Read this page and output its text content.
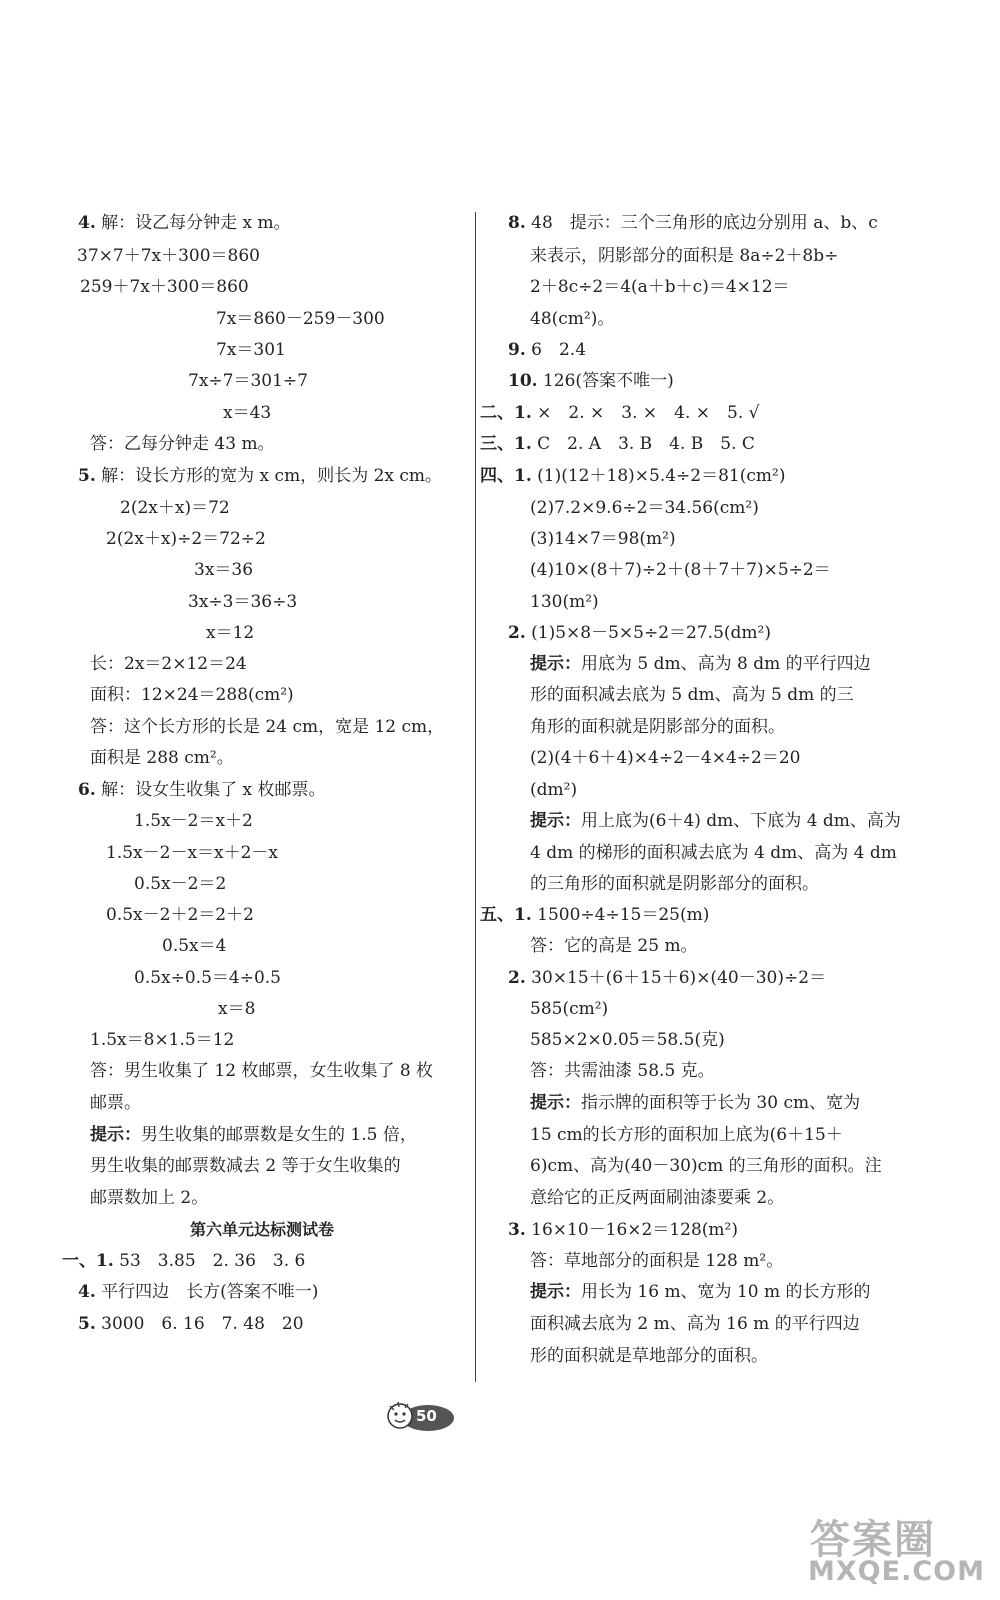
4. 解：设乙每分钟走 x m。
37×7＋7x＋300＝860
259＋7x＋300＝860
7x＝860－259－300
7x＝301
7x÷7＝301÷7
x＝43
答：乙每分钟走 43 m。
5. 解：设长方形的宽为 x cm，则长为 2x cm。
2(2x＋x)＝72
2(2x＋x)÷2＝72÷2
3x＝36
3x÷3＝36÷3
x＝12
长：2x＝2×12＝24
面积：12×24＝288(cm²)
答：这个长方形的长是 24 cm，宽是 12 cm，
面积是 288 cm²。
6. 解：设女生收集了 x 枚邮票。
1.5x－2＝x＋2
1.5x－2－x＝x＋2－x
0.5x－2＝2
0.5x－2＋2＝2＋2
0.5x＝4
0.5x÷0.5＝4÷0.5
x＝8
1.5x＝8×1.5＝12
答：男生收集了 12 枚邮票，女生收集了 8 枚
邮票。
提示：男生收集的邮票数是女生的 1.5 倍，
男生收集的邮票数减去 2 等于女生收集的
邮票数加上 2。
第六单元达标测试卷
一、1. 53　3.85　2. 36　3. 6
4. 平行四边　长方(答案不唯一)
5. 3000　6. 16　7. 48　20
8. 48　提示：三个三角形的底边分别用 a、b、c
来表示，阴影部分的面积是 8a÷2＋8b÷
2＋8c÷2＝4(a＋b＋c)＝4×12＝
48(cm²)。
9. 6　2.4
10. 126(答案不唯一)
二、1. ×　2. ×　3. ×　4. ×　5. √
三、1. C　2. A　3. B　4. B　5. C
四、1. (1)(12＋18)×5.4÷2＝81(cm²)
(2)7.2×9.6÷2＝34.56(cm²)
(3)14×7＝98(m²)
(4)10×(8＋7)÷2＋(8＋7＋7)×5÷2＝
130(m²)
2. (1)5×8－5×5÷2＝27.5(dm²)
提示：用底为 5 dm、高为 8 dm 的平行四边
形的面积减去底为 5 dm、高为 5 dm 的三
角形的面积就是阴影部分的面积。
(2)(4＋6＋4)×4÷2－4×4÷2＝20
(dm²)
提示：用上底为(6＋4) dm、下底为 4 dm、高为
4 dm 的梯形的面积减去底为 4 dm、高为 4 dm
的三角形的面积就是阴影部分的面积。
五、1. 1500÷4÷15＝25(m)
答：它的高是 25 m。
2. 30×15＋(6＋15＋6)×(40－30)÷2＝
585(cm²)
585×2×0.05＝58.5(克)
答：共需油漆 58.5 克。
提示：指示牌的面积等于长为 30 cm、宽为
15 cm的长方形的面积加上底为(6＋15＋
6)cm、高为(40－30)cm 的三角形的面积。注
意给它的正反两面刷油漆要乘 2。
3. 16×10－16×2＝128(m²)
答：草地部分的面积是 128 m²。
提示：用长为 16 m、宽为 10 m 的长方形的
面积减去底为 2 m、高为 16 m 的平行四边
形的面积就是草地部分的面积。
50
答案圈
MXQE.COM
